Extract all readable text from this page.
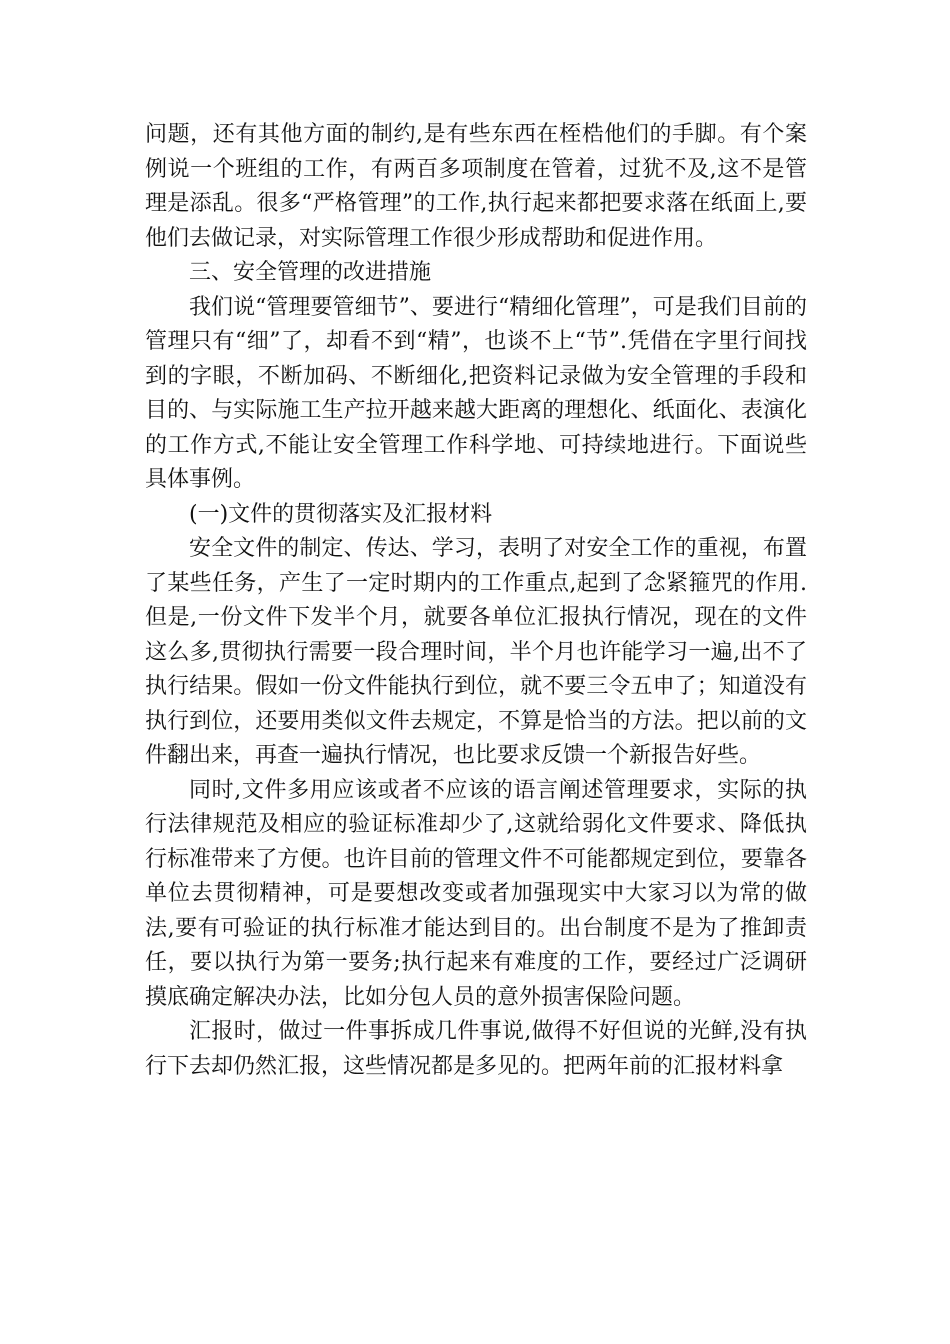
问题，还有其他方面的制约,是有些东西在桎梏他们的手脚。有个案例说一个班组的工作，有两百多项制度在管着，过犹不及,这不是管理是添乱。很多“严格管理”的工作,执行起来都把要求落在纸面上,要他们去做记录，对实际管理工作很少形成帮助和促进作用。

三、安全管理的改进措施

我们说“管理要管细节”、要进行“精细化管理”，可是我们目前的管理只有“细”了，却看不到“精”，也谈不上“节”.凭借在字里行间找到的字眼，不断加码、不断细化,把资料记录做为安全管理的手段和目的、与实际施工生产拉开越来越大距离的理想化、纸面化、表演化的工作方式,不能让安全管理工作科学地、可持续地进行。下面说些具体事例。

(一)文件的贯彻落实及汇报材料

安全文件的制定、传达、学习，表明了对安全工作的重视，布置了某些任务，产生了一定时期内的工作重点,起到了念紧箍咒的作用.但是,一份文件下发半个月，就要各单位汇报执行情况，现在的文件这么多,贯彻执行需要一段合理时间，半个月也许能学习一遍,出不了执行结果。假如一份文件能执行到位，就不要三令五申了；知道没有执行到位，还要用类似文件去规定，不算是恰当的方法。把以前的文件翻出来，再查一遍执行情况，也比要求反馈一个新报告好些。

同时,文件多用应该或者不应该的语言阐述管理要求，实际的执行法律规范及相应的验证标准却少了,这就给弱化文件要求、降低执行标准带来了方便。也许目前的管理文件不可能都规定到位，要靠各单位去贯彻精神，可是要想改变或者加强现实中大家习以为常的做法,要有可验证的执行标准才能达到目的。出台制度不是为了推卸责任，要以执行为第一要务;执行起来有难度的工作，要经过广泛调研摸底确定解决办法，比如分包人员的意外损害保险问题。

汇报时，做过一件事拆成几件事说,做得不好但说的光鲜,没有执行下去却仍然汇报，这些情况都是多见的。把两年前的汇报材料拿
